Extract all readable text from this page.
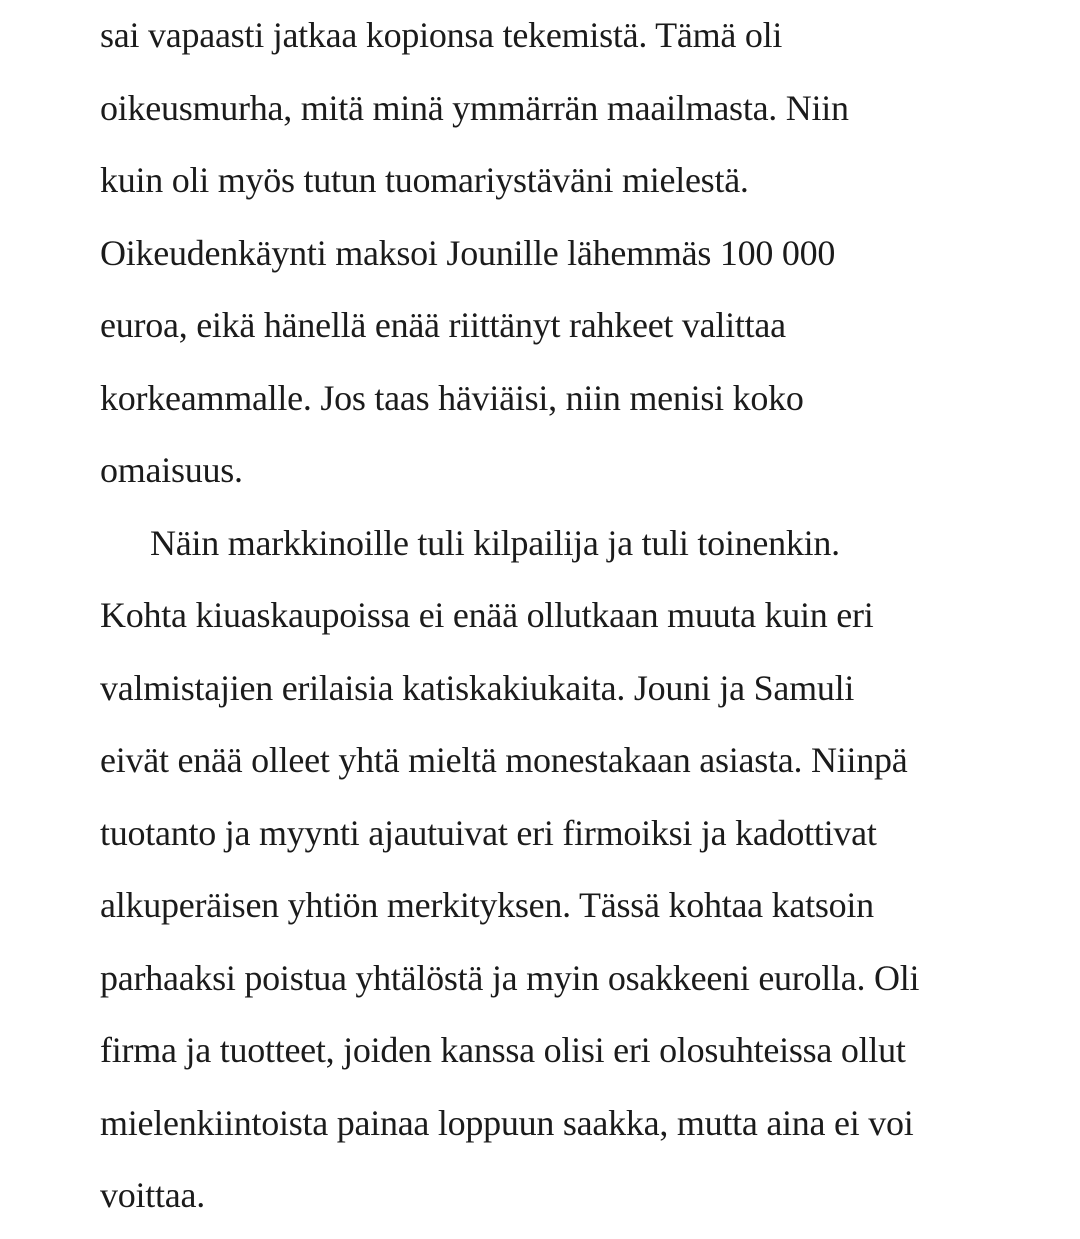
sai vapaasti jatkaa kopionsa tekemistä. Tämä oli
oikeusmurha, mitä minä ymmärrän maailmasta. Niin
kuin oli myös tutun tuomariystäväni mielestä.
Oikeudenkäynti maksoi Jounille lähemmäs 100 000
euroa, eikä hänellä enää riittänyt rahkeet valittaa
korkeammalle. Jos taas häviäisi, niin menisi koko
omaisuus.
Näin markkinoille tuli kilpailija ja tuli toinenkin.
Kohta kiuaskaupoissa ei enää ollutkaan muuta kuin eri
valmistajien erilaisia katiskakiukaita. Jouni ja Samuli
eivät enää olleet yhtä mieltä monestakaan asiasta. Niinpä
tuotanto ja myynti ajautuivat eri firmoiksi ja kadottivat
alkuperäisen yhtiön merkityksen. Tässä kohtaa katsoin
parhaaksi poistua yhtälöstä ja myin osakkeeni eurolla. Oli
firma ja tuotteet, joiden kanssa olisi eri olosuhteissa ollut
mielenkiintoista painaa loppuun saakka, mutta aina ei voi
voittaa.
